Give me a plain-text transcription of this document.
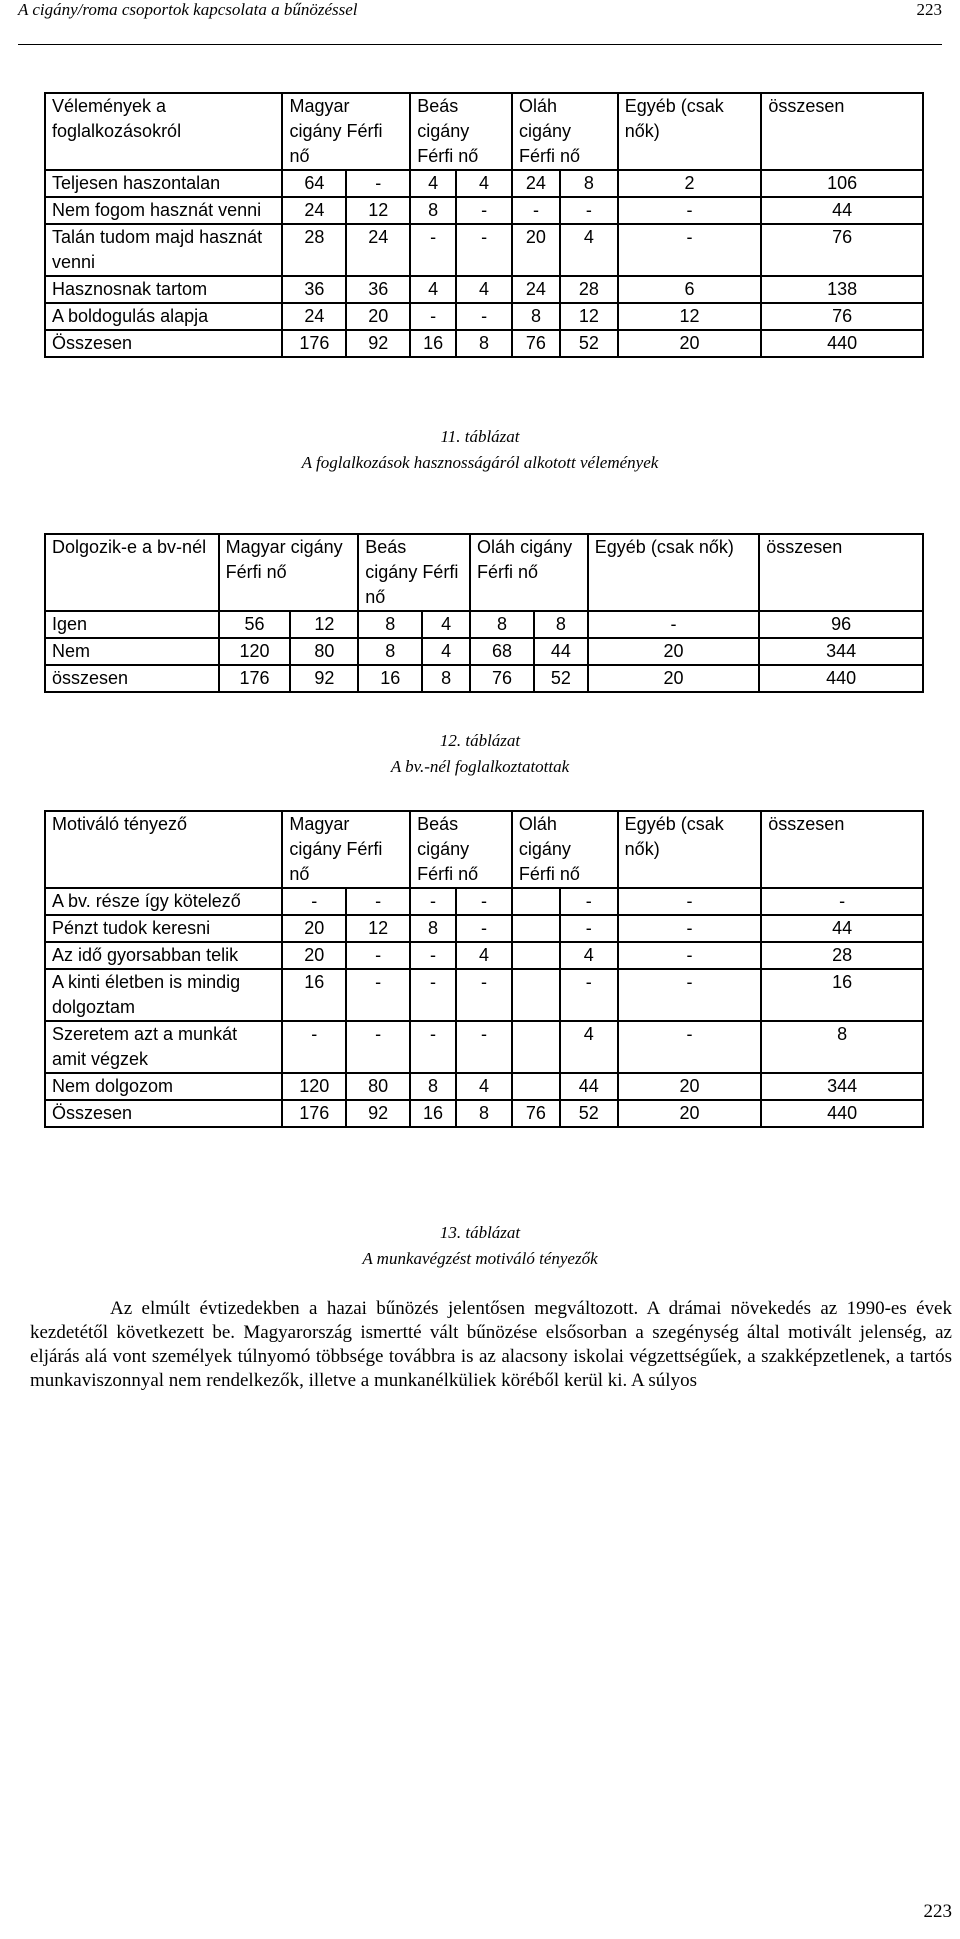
A cigány/roma csoportok kapcsolata a bűnözéssel	223
Vélemények a foglalkozásokról	Magyar cigány Férfi nő		Beás cigány Férfi nő		Oláh cigány Férfi nő		Egyéb (csak nők)	összesen
Teljesen haszontalan	64	-	4	4	24	8	2	106
Nem fogom hasznát venni	24	12	8	-	-	-	-	44
Talán tudom majd hasznát venni	28	24	-	-	20	4	-	76
Hasznosnak tartom	36	36	4	4	24	28	6	138
A boldogulás alapja	24	20	-	-	8	12	12	76
Összesen	176	92	16	8	76	52	20	440
11. táblázat
A foglalkozások hasznosságáról alkotott vélemények
Dolgozik-e a bv-nél	Magyar cigány Férfi nő		Beás cigány Férfi nő		Oláh cigány Férfi nő		Egyéb (csak nők)	összesen
Igen	56	12	8	4	8	8	-	96
Nem	120	80	8	4	68	44	20	344
összesen	176	92	16	8	76	52	20	440
12. táblázat
A bv.-nél foglalkoztatottak
Motiváló tényező	Magyar cigány Férfi nő		Beás cigány Férfi nő		Oláh cigány Férfi nő		Egyéb (csak nők)	összesen
A bv. része így kötelező	-	-	-	-		-	-	-
Pénzt tudok keresni	20	12	8	-		-	-	44
Az idő gyorsabban telik	20	-	-	4		4	-	28
A kinti életben is mindig dolgoztam	16	-	-	-		-	-	16
Szeretem azt a munkát amit végzek	-	-	-	-		4	-	8
Nem dolgozom	120	80	8	4		44	20	344
Összesen	176	92	16	8	76	52	20	440
13. táblázat
A munkavégzést motiváló tényezők
Az elmúlt évtizedekben a hazai bűnözés jelentősen megváltozott. A drámai növekedés az 1990-es évek kezdetétől következett be. Magyarország ismertté vált bűnözése elsősorban a szegénység által motivált jelenség, az eljárás alá vont személyek túlnyomó többsége továbbra is az alacsony iskolai végzettségűek, a szakképzetlenek, a tartós munkaviszonnyal nem rendelkezők, illetve a munkanélküliek köréből kerül ki. A súlyos
223
